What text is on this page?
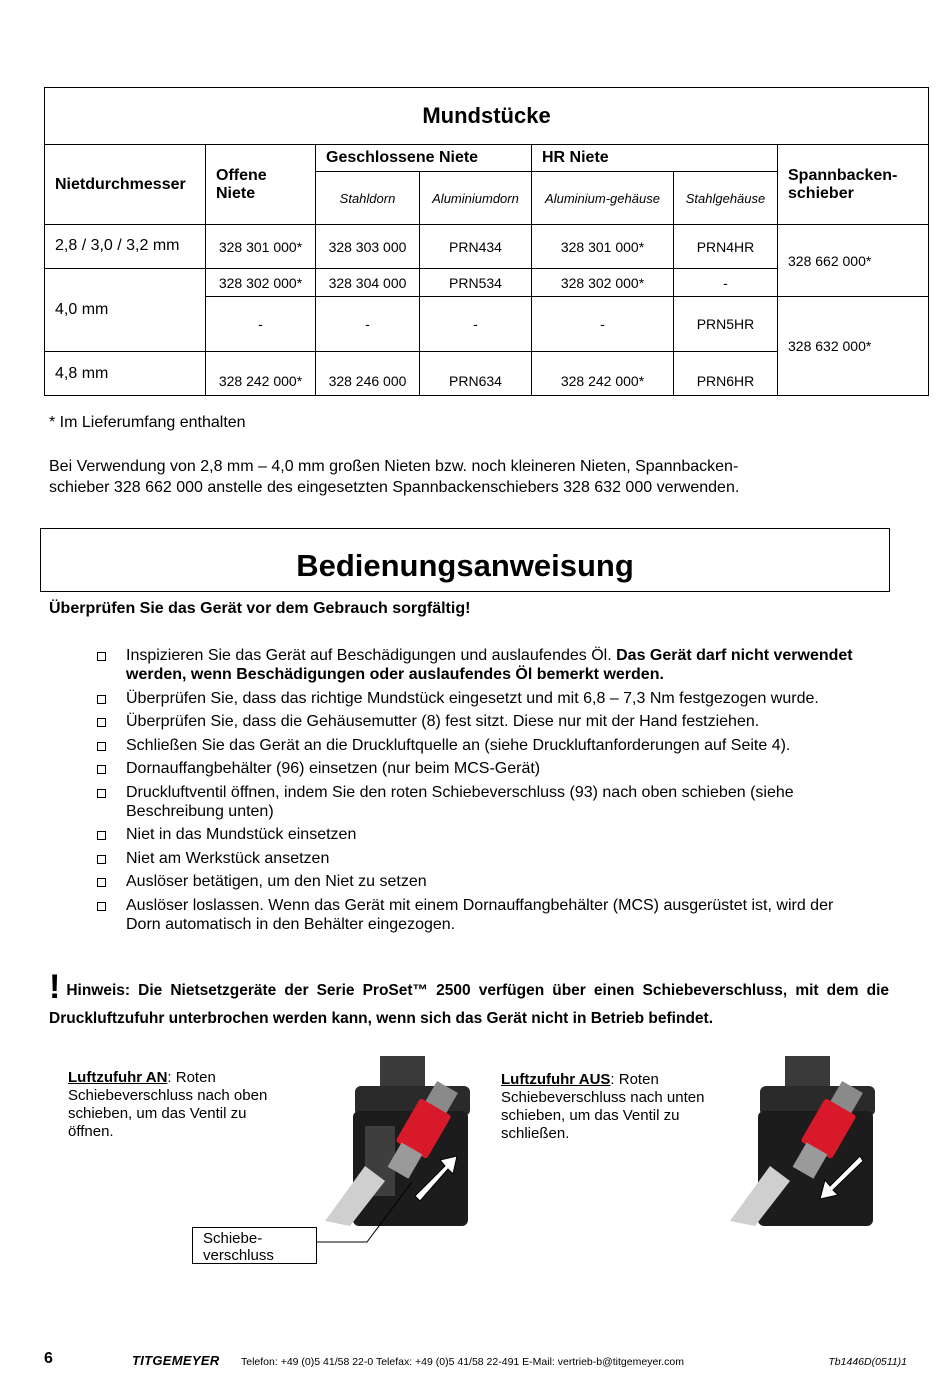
Mundstücke						
Nietdurchmesser	Offene Niete	Geschlossene Niete		HR Niete		Spannbacken- schieber
		Stahldorn	Aluminiumdorn	Aluminium-gehäuse	Stahlgehäuse	
2,8 / 3,0 / 3,2 mm	328 301 000*	328 303 000	PRN434	328 301 000*	PRN4HR	328 662 000*
4,0 mm	328 302 000*	328 304 000	PRN534	328 302 000*	-	
	-	-	-	-	PRN5HR	328 632 000*
4,8 mm	328 242 000*	328 246 000	PRN634	328 242 000*	PRN6HR	
* Im Lieferumfang enthalten
Bei Verwendung von 2,8 mm – 4,0 mm großen Nieten bzw. noch kleineren Nieten, Spannbacken-
schieber 328 662 000 anstelle des eingesetzten Spannbackenschiebers 328 632 000 verwenden.
Bedienungsanweisung
Überprüfen Sie das Gerät vor dem Gebrauch sorgfältig!
Inspizieren Sie das Gerät auf Beschädigungen und auslaufendes Öl. Das Gerät darf nicht verwendet werden, wenn Beschädigungen oder auslaufendes Öl bemerkt werden.
Überprüfen Sie, dass das richtige Mundstück eingesetzt und mit 6,8 – 7,3 Nm festgezogen wurde.
Überprüfen Sie, dass die Gehäusemutter (8) fest sitzt. Diese nur mit der Hand festziehen.
Schließen Sie das Gerät an die Druckluftquelle an (siehe Druckluftanforderungen auf Seite 4).
Dornauffangbehälter (96) einsetzen (nur beim MCS-Gerät)
Druckluftventil öffnen, indem Sie den roten Schiebeverschluss (93) nach oben schieben (siehe Beschreibung unten)
Niet in das Mundstück einsetzen
Niet am Werkstück ansetzen
Auslöser betätigen, um den Niet zu setzen
Auslöser loslassen. Wenn das Gerät mit einem Dornauffangbehälter (MCS) ausgerüstet ist, wird der Dorn automatisch in den Behälter eingezogen.
! Hinweis: Die Nietsetzgeräte der Serie ProSet™ 2500 verfügen über einen Schiebeverschluss, mit dem die Druckluftzufuhr unterbrochen werden kann, wenn sich das Gerät nicht in Betrieb befindet.
Luftzufuhr AN: Roten Schiebeverschluss nach oben schieben, um das Ventil zu öffnen.
Luftzufuhr AUS: Roten Schiebeverschluss nach unten schieben, um das Ventil zu schließen.
Schiebe-
verschluss
6	TITGEMEYER Telefon: +49 (0)5 41/58 22-0 Telefax: +49 (0)5 41/58 22-491 E-Mail: vertrieb-b@titgemeyer.com	Tb1446D(0511)1
